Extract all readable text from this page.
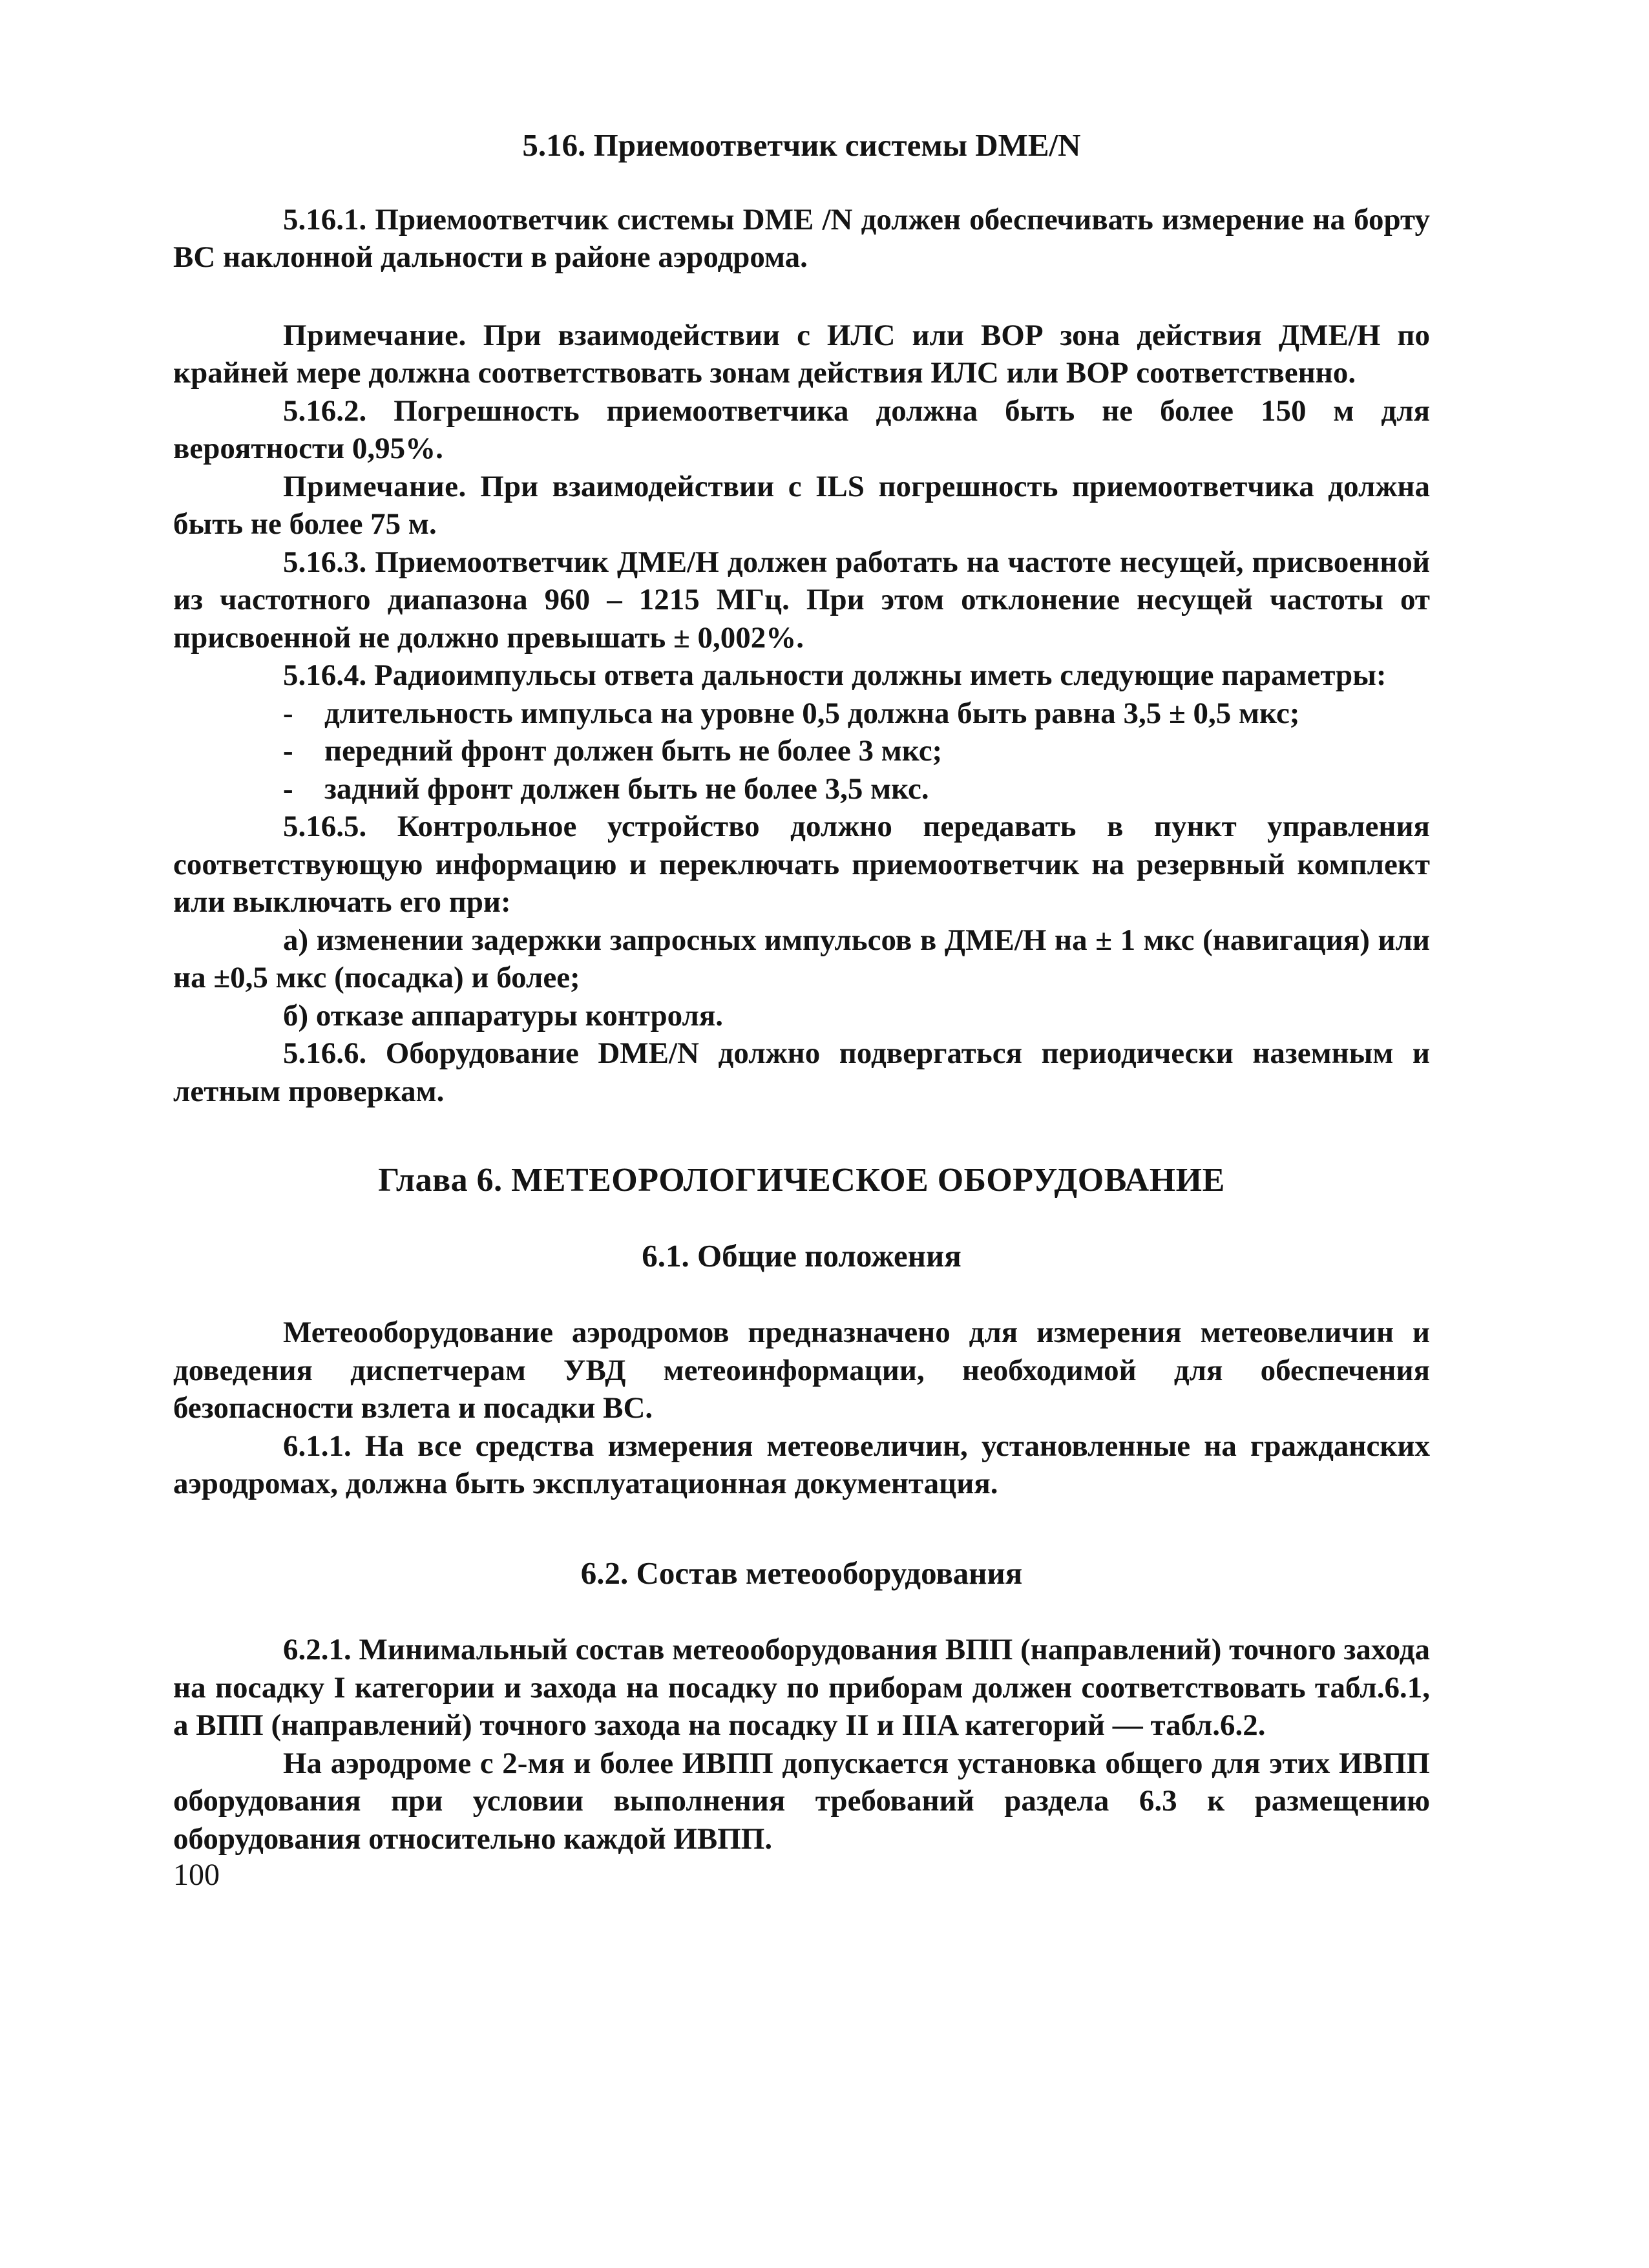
5.16. Приемоответчик системы DME/N

5.16.1. Приемоответчик системы DME /N должен обеспечивать измерение на борту ВС наклонной дальности в районе аэродрома.

Примечание. При взаимодействии с ИЛС или ВОР зона действия ДМЕ/Н по крайней мере должна соответствовать зонам действия ИЛС или ВОР соответственно.

5.16.2. Погрешность приемоответчика должна быть не более 150 м для вероятности 0,95%.

Примечание. При взаимодействии с ILS погрешность приемоответчика должна быть не более 75 м.

5.16.3. Приемоответчик ДМЕ/Н должен работать на частоте несущей, присвоенной из частотного диапазона 960 – 1215 МГц. При этом отклонение несущей частоты от присвоенной не должно превышать ± 0,002%.

5.16.4. Радиоимпульсы ответа дальности должны иметь следующие параметры:

-	длительность импульса на уровне 0,5 должна быть равна 3,5 ± 0,5 мкс;
-	передний фронт должен быть не более 3 мкс;
-	задний фронт должен быть не более 3,5 мкс.

5.16.5. Контрольное устройство должно передавать в пункт управления соответствующую информацию и переключать приемоответчик на резервный комплект или выключать его при:

а) изменении задержки запросных импульсов в ДМЕ/Н на ± 1 мкс (навигация) или на ±0,5 мкс (посадка) и более;

б) отказе аппаратуры контроля.

5.16.6. Оборудование DME/N должно подвергаться периодически наземным и летным проверкам.

Глава 6. МЕТЕОРОЛОГИЧЕСКОЕ ОБОРУДОВАНИЕ
6.1. Общие положения

Метеооборудование аэродромов предназначено для измерения метеовеличин и доведения диспетчерам УВД метеоинформации, необходимой для обеспечения безопасности взлета и посадки ВС.

6.1.1. На все средства измерения метеовеличин, установленные на гражданских аэродромах, должна быть эксплуатационная документация.

6.2. Состав метеооборудования

6.2.1. Минимальный состав метеооборудования ВПП (направлений) точного захода на посадку I категории и захода на посадку по приборам должен соответствовать табл.6.1, а ВПП (направлений) точного захода на посадку II и IIIA категорий — табл.6.2.

На аэродроме с 2-мя и более ИВПП допускается установка общего для этих ИВПП оборудования при условии выполнения требований раздела 6.3 к размещению оборудования относительно каждой ИВПП.

100
